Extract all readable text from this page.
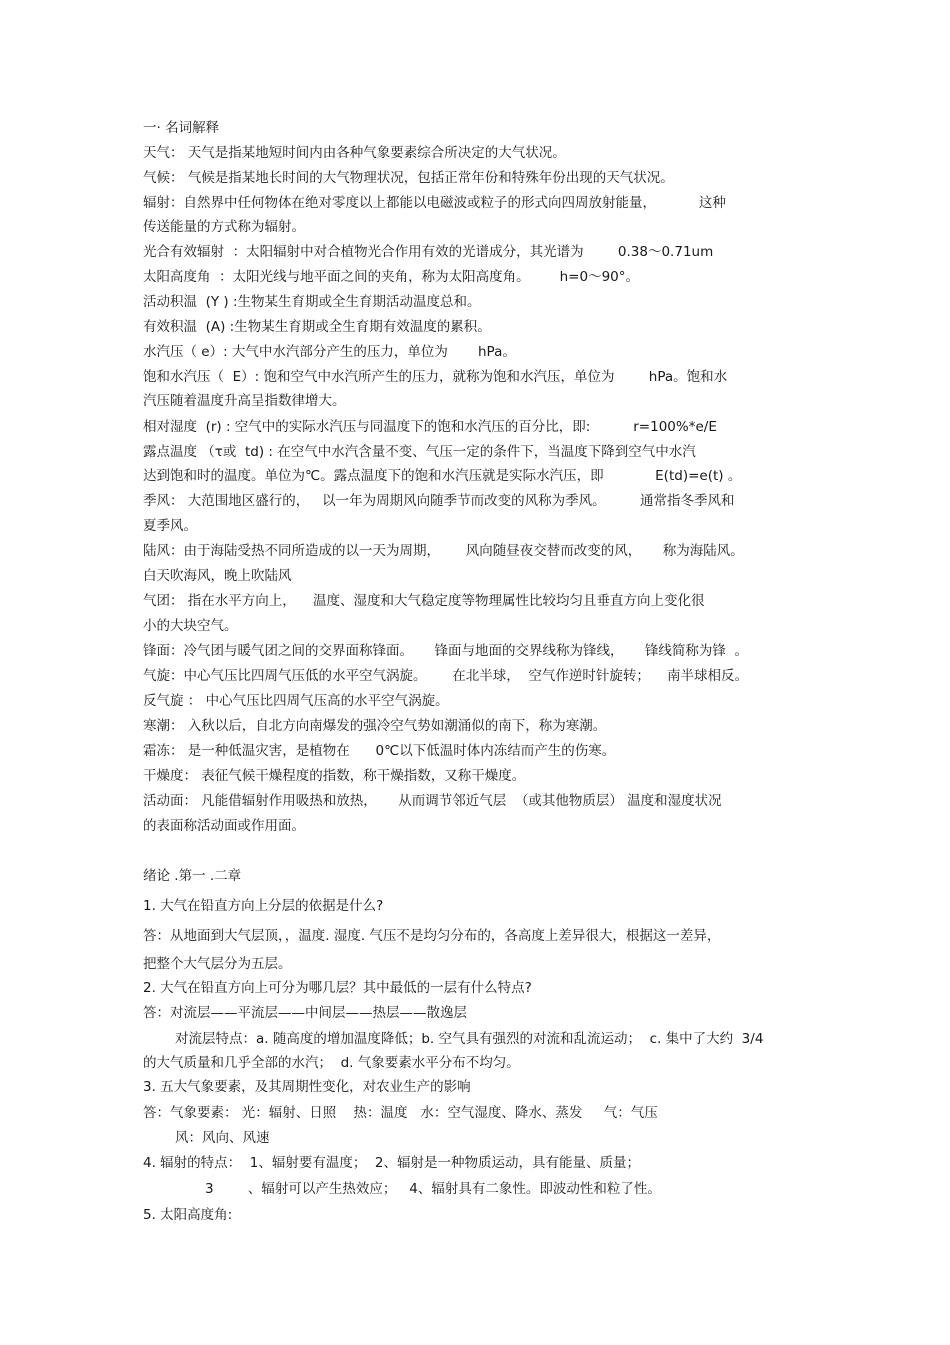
一· 名词解释
天气： 天气是指某地短时间内由各种气象要素综合所决定的大气状况。
气候： 气候是指某地长时间的大气物理状况，包括正常年份和特殊年份出现的天气状况。
辐射：自然界中任何物体在绝对零度以上都能以电磁波或粒子的形式向四周放射能量，          这种
传送能量的方式称为辐射。
光合有效辐射  ：太阳辐射中对合植物光合作用有效的光谱成分，其光谱为        0.38～0.71um
太阳高度角  ：太阳光线与地平面之间的夹角，称为太阳高度角。       h=0～90°。
活动积温  (Y ) :生物某生育期或全生育期活动温度总和。
有效积温  (A) :生物某生育期或全生育期有效温度的累积。
水汽压（ e）: 大气中水汽部分产生的压力，单位为       hPa。
饱和水汽压（  E）: 饱和空气中水汽所产生的压力，就称为饱和水汽压，单位为        hPa。饱和水
汽压随着温度升高呈指数律增大。
相对湿度  (r) : 空气中的实际水汽压与同温度下的饱和水汽压的百分比，即:          r=100%*e/E
露点温度 （τ或  td) : 在空气中水汽含量不变、气压一定的条件下，当温度下降到空气中水汽
达到饱和时的温度。单位为℃。露点温度下的饱和水汽压就是实际水汽压，即            E(td)=e(t) 。
季风： 大范围地区盛行的，   以一年为周期风向随季节而改变的风称为季风。        通常指冬季风和
夏季风。
陆风：由于海陆受热不同所造成的以一天为周期，      风向随昼夜交替而改变的风，     称为海陆风。
白天吹海风，晚上吹陆风
气团： 指在水平方向上，    温度、湿度和大气稳定度等物理属性比较均匀且垂直方向上变化很
小的大块空气。
锋面：冷气团与暖气团之间的交界面称锋面。     锋面与地面的交界线称为锋线，     锋线简称为锋  。
气旋：中心气压比四周气压低的水平空气涡旋。      在北半球，  空气作逆时针旋转；    南半球相反。
反气旋 ： 中心气压比四周气压高的水平空气涡旋。
寒潮： 入秋以后，自北方向南爆发的强冷空气势如潮涌似的南下，称为寒潮。
霜冻： 是一种低温灾害，是植物在      0℃以下低温时体内冻结而产生的伤寒。
干燥度： 表征气候干燥程度的指数，称干燥指数，又称干燥度。
活动面： 凡能借辐射作用吸热和放热，     从而调节邻近气层  （或其他物质层） 温度和湿度状况
的表面称活动面或作用面。
绪论 .第一 .二章
1. 大气在铅直方向上分层的依据是什么?
答：从地面到大气层顶，，温度. 湿度. 气压不是均匀分布的，各高度上差异很大，根据这一差异，
把整个大气层分为五层。
2. 大气在铅直方向上可分为哪几层？其中最低的一层有什么特点?
答：对流层——平流层——中间层——热层——散逸层
对流层特点：a. 随高度的增加温度降低；b. 空气具有强烈的对流和乱流运动；  c. 集中了大约  3/4
的大气质量和几乎全部的水汽；  d. 气象要素水平分布不均匀。
3. 五大气象要素，及其周期性变化，对农业生产的影响
答：气象要素： 光：辐射、日照    热：温度   水：空气湿度、降水、蒸发     气：气压
风：风向、风速
4. 辐射的特点：  1、辐射要有温度；  2、辐射是一种物质运动，具有能量、质量；
3        、辐射可以产生热效应；   4、辐射具有二象性。即波动性和粒了性。
5. 太阳高度角:
